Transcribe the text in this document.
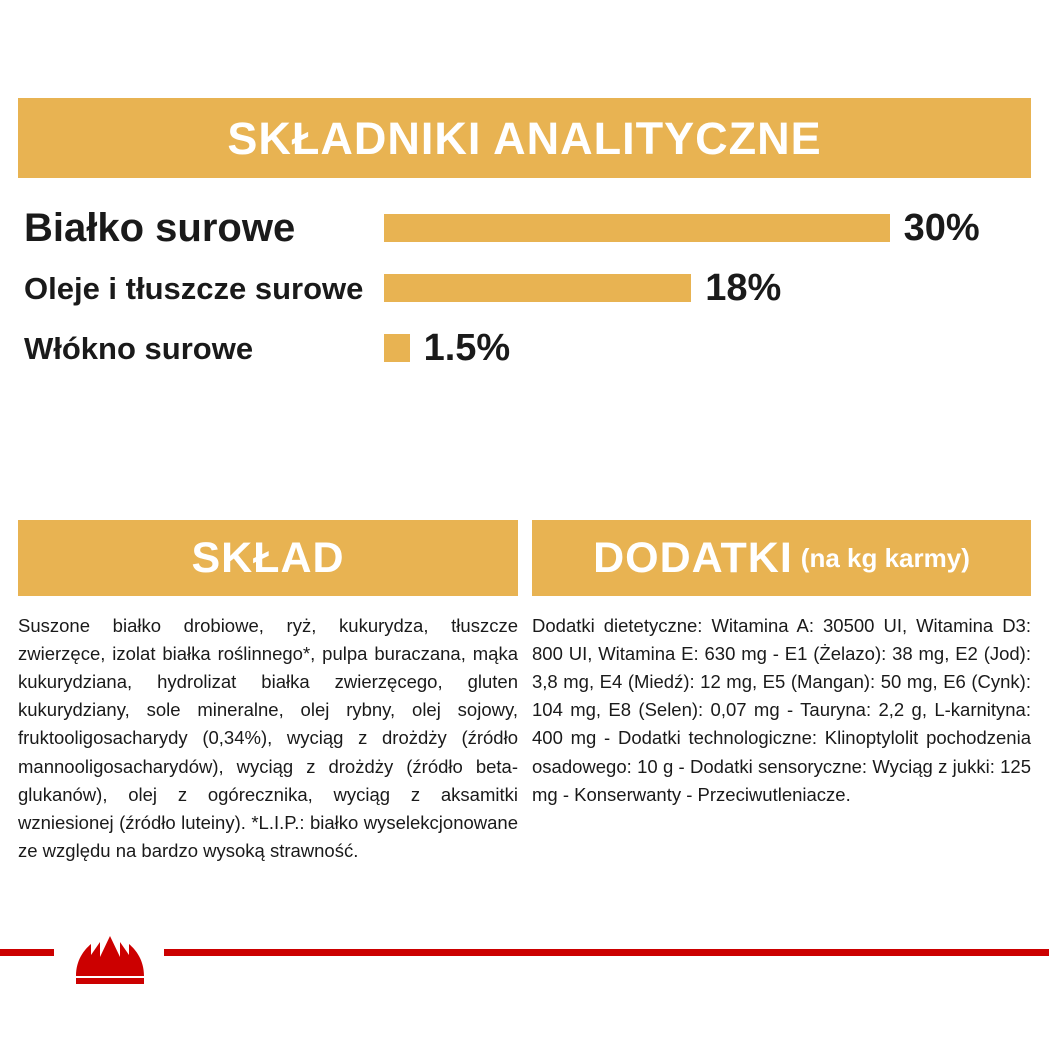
SKŁADNIKI ANALITYCZNE
Białko surowe	30%
Oleje i tłuszcze surowe	18%
Włókno surowe	1.5%
SKŁAD
Suszone białko drobiowe, ryż, kukurydza, tłuszcze zwierzęce, izolat białka roślinnego*, pulpa buraczana, mąka kukurydziana, hydrolizat białka zwierzęcego, gluten kukurydziany, sole mineralne, olej rybny, olej sojowy, fruktooligosacharydy (0,34%), wyciąg z drożdży (źródło mannooligosacharydów), wyciąg z drożdży (źródło beta-glukanów), olej z ogórecznika, wyciąg z aksamitki wzniesionej (źródło luteiny). *L.I.P.: białko wyselekcjonowane ze względu na bardzo wysoką strawność.
DODATKI (na kg karmy)
Dodatki dietetyczne: Witamina A: 30500 UI, Witamina D3: 800 UI, Witamina E: 630 mg - E1 (Żelazo): 38 mg, E2 (Jod): 3,8 mg, E4 (Miedź): 12 mg, E5 (Mangan): 50 mg, E6 (Cynk): 104 mg, E8 (Selen): 0,07 mg - Tauryna: 2,2 g, L-karnityna: 400 mg - Dodatki technologiczne: Klinoptylolit pochodzenia osadowego: 10 g - Dodatki sensoryczne: Wyciąg z jukki: 125 mg - Konserwanty - Przeciwutleniacze.
